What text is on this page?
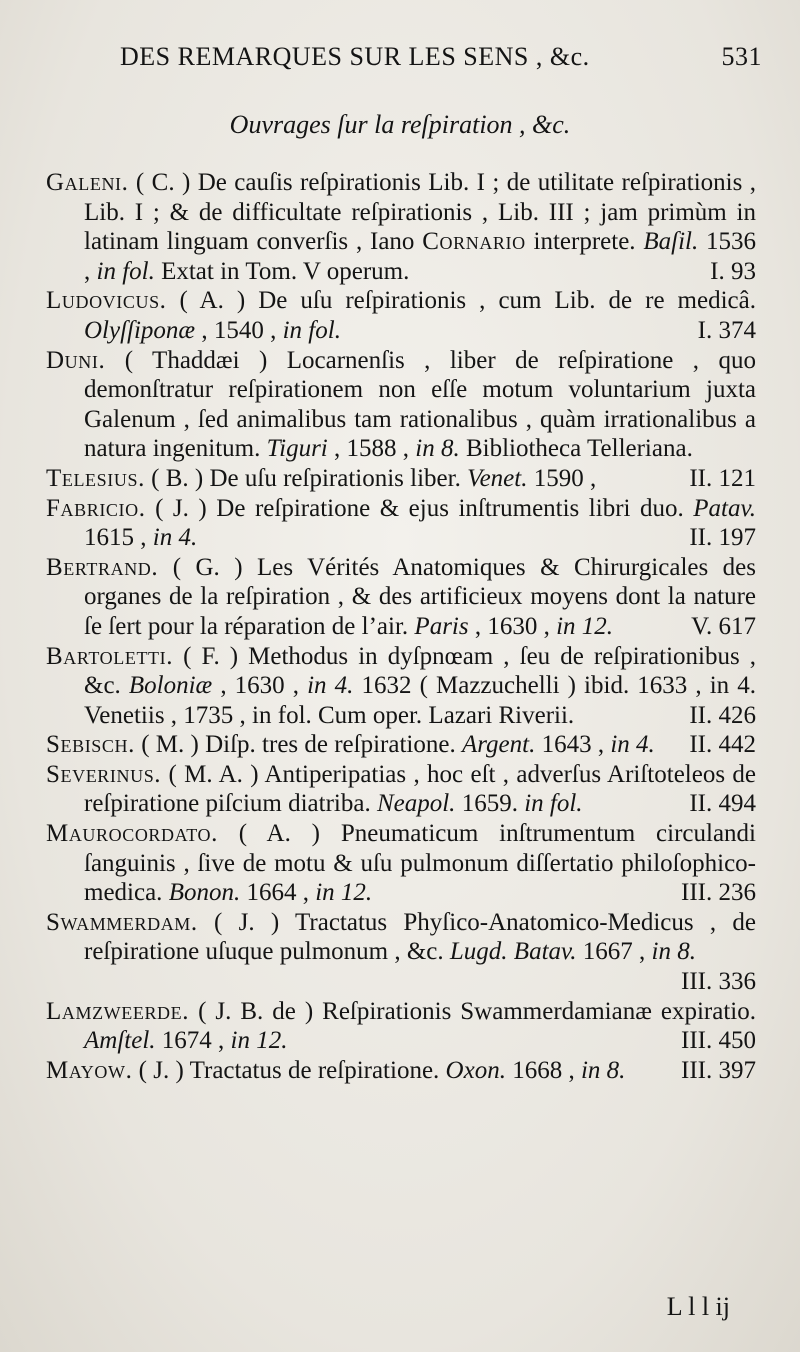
DES REMARQUES SUR LES SENS , &c.	531
Ouvrages ſur la reſpiration , &c.

Galeni. ( C. ) De cauſis reſpirationis Lib. I ; de utilitate reſpirationis , Lib. I ; & de difficultate reſpirationis , Lib. III ; jam primùm in latinam linguam converſis , Iano Cornario interprete. Baſil. 1536 , in fol. Extat in Tom. V operum.	I. 93

Ludovicus. ( A. ) De uſu reſpirationis , cum Lib. de re medicâ. Olyſſiponæ , 1540 , in fol.	I. 374

Duni. ( Thaddæi ) Locarnenſis , liber de reſpiratione , quo demonſtratur reſpirationem non eſſe motum voluntarium juxta Galenum , ſed animalibus tam rationalibus , quàm irrationalibus a natura ingenitum. Tiguri , 1588 , in 8. Bibliotheca Telleriana.

Telesius. ( B. ) De uſu reſpirationis liber. Venet. 1590 ,	II. 121

Fabricio. ( J. ) De reſpiratione & ejus inſtrumentis libri duo. Patav. 1615 , in 4.	II. 197

Bertrand. ( G. ) Les Vérités Anatomiques & Chirurgicales des organes de la reſpiration , & des artificieux moyens dont la nature ſe ſert pour la réparation de l’air. Paris , 1630 , in 12.	V. 617

Bartoletti. ( F. ) Methodus in dyſpnœam , ſeu de reſpirationibus , &c. Boloniæ , 1630 , in 4. 1632 ( Mazzuchelli ) ibid. 1633 , in 4. Venetiis , 1735 , in fol. Cum oper. Lazari Riverii.	II. 426

Sebisch. ( M. ) Diſp. tres de reſpiratione. Argent. 1643 , in 4.	II. 442

Severinus. ( M. A. ) Antiperipatias , hoc eſt , adverſus Ariſtoteleos de reſpiratione piſcium diatriba. Neapol. 1659. in fol.	II. 494

Maurocordato. ( A. ) Pneumaticum inſtrumentum circulandi ſanguinis , ſive de motu & uſu pulmonum diſſertatio philoſophico-medica. Bonon. 1664 , in 12.	III. 236

Swammerdam. ( J. ) Tractatus Phyſico-Anatomico-Medicus , de reſpiratione uſuque pulmonum , &c. Lugd. Batav. 1667 , in 8.
III. 336

Lamzweerde. ( J. B. de ) Reſpirationis Swammerdamianæ expiratio. Amſtel. 1674 , in 12.	III. 450

Mayow. ( J. ) Tractatus de reſpiratione. Oxon. 1668 , in 8.	III. 397

L l l ij
